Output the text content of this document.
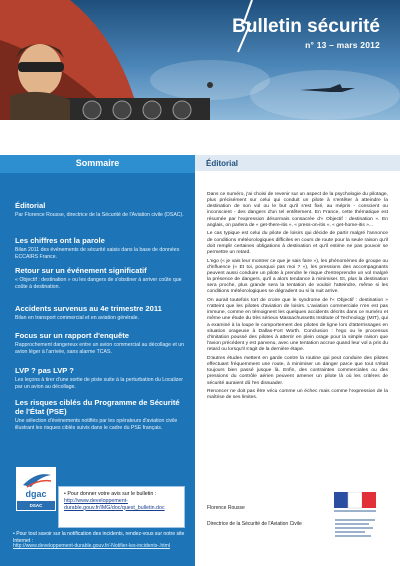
Bulletin sécurité
n° 13 – mars 2012
Sommaire
Éditorial
Par Florence Rousse, directrice de la Sécurité de l'Aviation civile (DSAC).
Les chiffres ont la parole
Bilan 2011 des événements de sécurité saisis dans la base de données ECCAIRS France.
Retour sur un événement significatif
« Objectif : destination » ou les dangers de s'obstiner à arriver coûte que coûte à destination.
Accidents survenus au 4e trimestre 2011
Bilan en transport commercial et en aviation générale.
Focus sur un rapport d'enquête
Rapprochement dangereux entre un avion commercial au décollage et un avion léger à l'arrivée, sans alarme TCAS.
LVP ? pas LVP ?
Les leçons à tirer d'une sortie de piste suite à la perturbation du Localizer par un avion au décollage.
Les risques ciblés du Programme de Sécurité de l'État (PSE)
Une sélection d'événements notifiés par les opérateurs d'aviation civile illustrant les risques ciblés suivis dans le cadre du PSE français.
dgac
DSAC
• Pour donner votre avis sur le bulletin :
http://www.developpement-durable.gouv.fr/IMG/doc/quest_bulletin.doc
• Pour tout savoir sur la notification des incidents, rendez-vous sur notre site Internet :
http://www.developpement-durable.gouv.fr/-Notifier-les-incidents-.html
Éditorial

Dans ce numéro, j'ai choisi de revenir sur un aspect de la psychologie du pilotage, plus précisément sur celui qui conduit un pilote à s'entêter à atteindre la destination de son vol ou le but qu'il s'est fixé, au mépris - conscient ou inconscient - des dangers d'un tel entêtement. En France, cette thématique est résumée par l'expression désormais consacrée d'« Objectif : destination ». En anglais, on parlera de « get-there-itis », « press-on-itis », « get-home-itis »...

Le cas typique est celui du pilote de loisirs qui décide de partir malgré l'annonce de conditions météorologiques difficiles en cours de route pour la seule raison qu'il doit remplir certaines obligations à destination et qu'il estime ne pas pouvoir se permettre un retard.

L'ego (« je vais leur montrer ce que je sais faire »), les phénomènes de groupe ou d'influence (« Et toi, pourquoi pas moi ? »), les pressions des accompagnants peuvent aussi conduire un pilote à prendre le risque d'entreprendre un vol malgré la présence de dangers, qu'il a alors tendance à minimiser. Et, plus la destination sera proche, plus grande sera la tentation de vouloir l'atteindre, même si les conditions météorologiques se dégradent ou si la nuit arrive.

On aurait toutefois tort de croire que le syndrome de l'« Objectif : destination » n'atteint que les pilotes d'aviation de loisirs. L'aviation commerciale n'en est pas immune, comme en témoignent les quelques accidents décrits dans ce numéro et même une étude du très sérieux Massachussetts Institute of Technology (MIT), qui a examiné à la loupe le comportement des pilotes de ligne lors d'atterrissages en situation orageuse à Dallas-Fort Worth. Conclusion : l'ego ou le processus d'imitation poussé des pilotes à atterrir en plein orage pour la simple raison que l'avion précédent y est parvenu, avec une tentation accrue quand leur vol a pris du retard ou lorsqu'il s'agit de la dernière étape.

D'autres études mettent en garde contre la routine qui peut conduire des pilotes effectuant fréquemment une route, à minimiser un danger parce que tout s'était toujours bien passé jusque là. Enfin, des contraintes commerciales ou des pressions du contrôle aérien peuvent amener un pilote là où les critères de sécurité auraient dû l'en dissuader.

Renoncer ne doit pas être vécu comme un échec mais comme l'expression de la maîtrise de ses limites.

Florence Rousse
Directrice de la Sécurité de l'Aviation Civile
